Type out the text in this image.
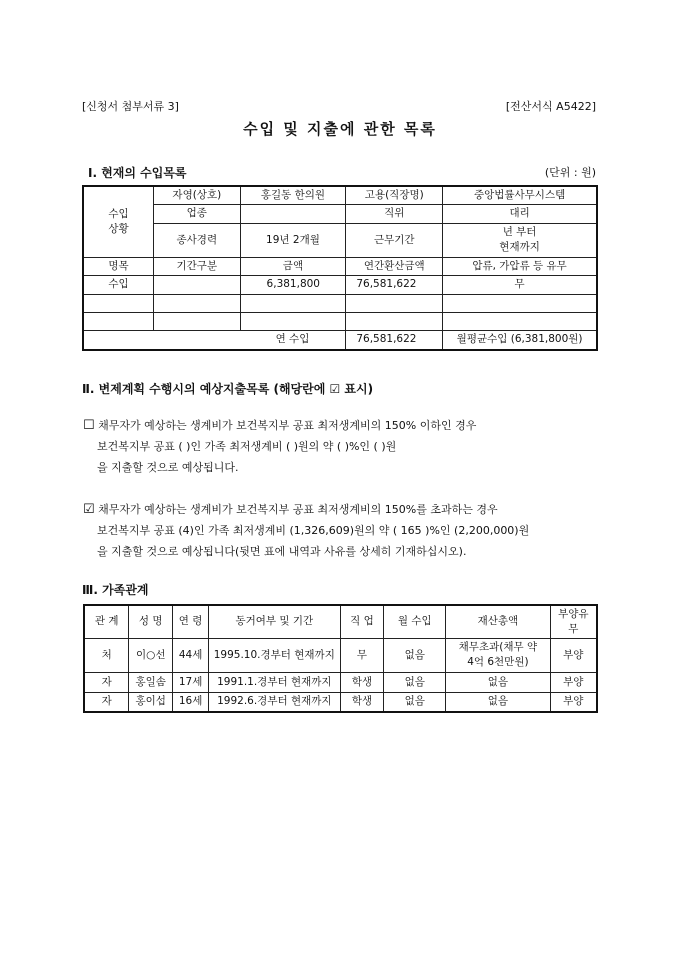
[신청서 첨부서류 3]	[전산서식 A5422]
수입 및 지출에 관한 목록
Ⅰ. 현재의 수입목록	(단위 : 원)
수입
상황	자영(상호)	홍길동 한의원	고용(직장명)	중앙법률사무시스템
	업종		직위	대리
	종사경력	19년 2개월	근무기간	년 부터
현재까지
명목	기간구분	금액	연간환산금액	압류, 가압류 등 유무
수입		6,381,800	76,581,622	무

연 수입			76,581,622	월평균수입 (6,381,800원)
Ⅱ. 변제계획 수행시의 예상지출목록 (해당란에 ☑ 표시)
☐ 채무자가 예상하는 생계비가 보건복지부 공표 최저생계비의 150% 이하인 경우
보건복지부 공표 ( )인 가족 최저생계비 ( )원의 약 ( )%인 ( )원
을 지출할 것으로 예상됩니다.
☑ 채무자가 예상하는 생계비가 보건복지부 공표 최저생계비의 150%를 초과하는 경우
보건복지부 공표 (4)인 가족 최저생계비 (1,326,609)원의 약 ( 165 )%인 (2,200,000)원
을 지출할 것으로 예상됩니다(뒷면 표에 내역과 사유를 상세히 기재하십시오).
Ⅲ. 가족관계
관 계	성 명	연 령	동거여부 및 기간	직 업	월 수입	재산총액	부양유
무
처	이○선	44세	1995.10.경부터 현재까지	무	없음	채무초과(채무 약
4억 6천만원)	부양
자	홍일솜	17세	1991.1.경부터 현재까지	학생	없음	없음	부양
자	홍이섭	16세	1992.6.경부터 현재까지	학생	없음	없음	부양
